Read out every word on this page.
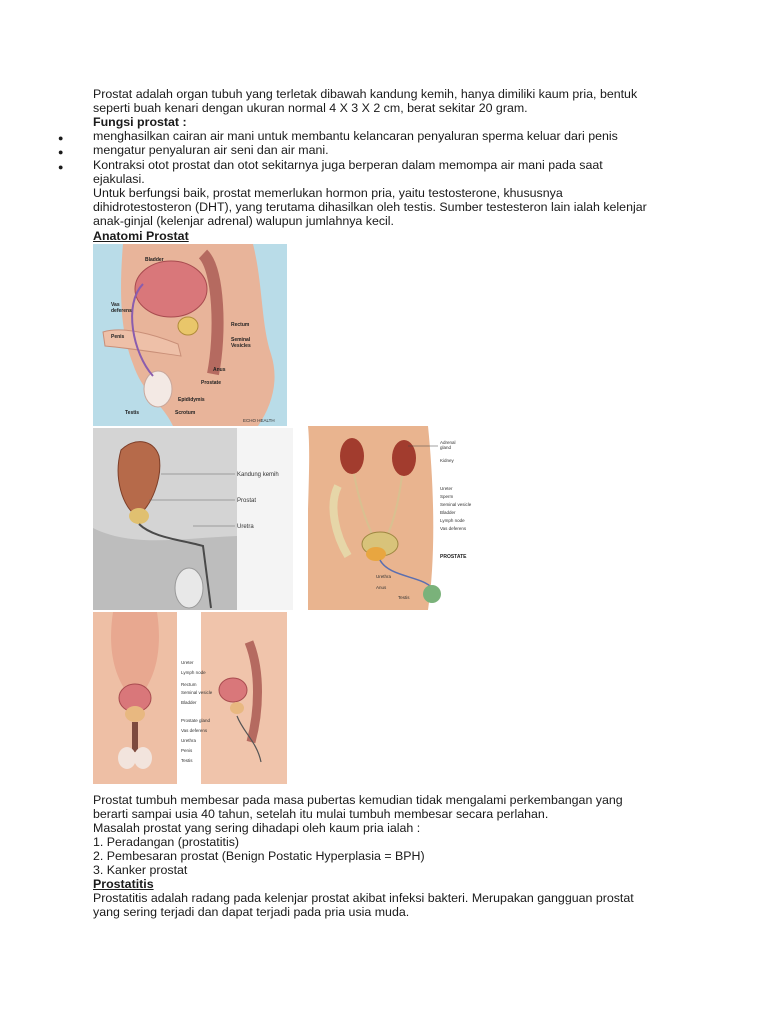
Prostat adalah organ tubuh yang terletak dibawah kandung kemih, hanya dimiliki kaum pria, bentuk
seperti buah kenari dengan ukuran normal 4 X 3 X 2 cm, berat sekitar 20 gram.
Fungsi prostat :
● menghasilkan cairan air mani untuk membantu kelancaran penyaluran sperma keluar dari penis
● mengatur penyaluran air seni dan air mani.
● Kontraksi otot prostat dan otot sekitarnya juga berperan dalam memompa air mani pada saat
ejakulasi.
Untuk berfungsi baik, prostat memerlukan hormon pria, yaitu testosterone, khususnya
dihidrotestosteron (DHT), yang terutama dihasilkan oleh testis. Sumber testesteron lain ialah kelenjar
anak-ginjal (kelenjar adrenal) walupun jumlahnya kecil.
Anatomi Prostat
Bladder
Vas
deferens
Penis
Rectum
Seminal
Vesicles
Anus
Prostate
Epididymis
Testis	Scrotum
ECHO HEALTH
Kandung kemih
Prostat
Uretra
Adrenal
gland
Kidney
Ureter
Sperm
Seminal vesicle
Bladder
Lymph node
Vas deferens
PROSTATE
Urethra
Anus
Testis
Ureter
Lymph node
Rectum
Seminal vesicle
Bladder
Prostate gland
Vas deferens
Urethra
Penis
Testis
Prostat tumbuh membesar pada masa pubertas kemudian tidak mengalami perkembangan yang
berarti sampai usia 40 tahun, setelah itu mulai tumbuh membesar secara perlahan.
Masalah prostat yang sering dihadapi oleh kaum pria ialah :
1. Peradangan (prostatitis)
2. Pembesaran prostat (Benign Postatic Hyperplasia = BPH)
3. Kanker prostat
Prostatitis
Prostatitis adalah radang pada kelenjar prostat akibat infeksi bakteri. Merupakan gangguan prostat
yang sering terjadi dan dapat terjadi pada pria usia muda.
